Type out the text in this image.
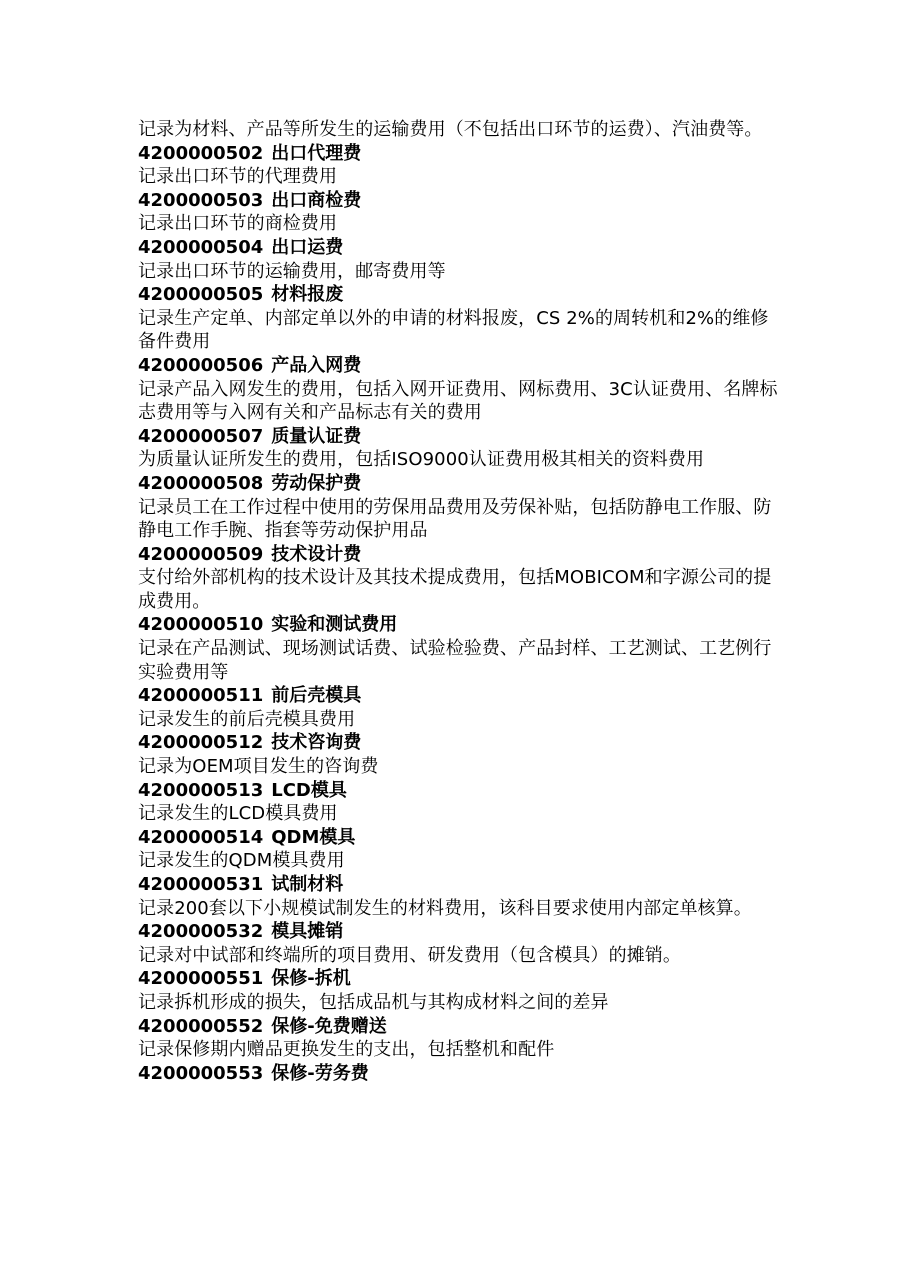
记录为材料、产品等所发生的运输费用（不包括出口环节的运费）、汽油费等。

4200000502 出口代理费

记录出口环节的代理费用

4200000503 出口商检费

记录出口环节的商检费用

4200000504 出口运费

记录出口环节的运输费用，邮寄费用等

4200000505 材料报废

记录生产定单、内部定单以外的申请的材料报废，CS 2%的周转机和2%的维修备件费用

4200000506 产品入网费

记录产品入网发生的费用，包括入网开证费用、网标费用、3C认证费用、名牌标志费用等与入网有关和产品标志有关的费用

4200000507 质量认证费

为质量认证所发生的费用，包括ISO9000认证费用极其相关的资料费用

4200000508 劳动保护费

记录员工在工作过程中使用的劳保用品费用及劳保补贴，包括防静电工作服、防静电工作手腕、指套等劳动保护用品

4200000509 技术设计费

支付给外部机构的技术设计及其技术提成费用，包括MOBICOM和字源公司的提成费用。

4200000510 实验和测试费用

记录在产品测试、现场测试话费、试验检验费、产品封样、工艺测试、工艺例行实验费用等

4200000511 前后壳模具

记录发生的前后壳模具费用

4200000512 技术咨询费

记录为OEM项目发生的咨询费

4200000513 LCD模具

记录发生的LCD模具费用

4200000514 QDM模具

记录发生的QDM模具费用

4200000531 试制材料

记录200套以下小规模试制发生的材料费用，该科目要求使用内部定单核算。

4200000532 模具摊销

记录对中试部和终端所的项目费用、研发费用（包含模具）的摊销。

4200000551 保修-拆机

记录拆机形成的损失，包括成品机与其构成材料之间的差异

4200000552 保修-免费赠送

记录保修期内赠品更换发生的支出，包括整机和配件

4200000553 保修-劳务费
